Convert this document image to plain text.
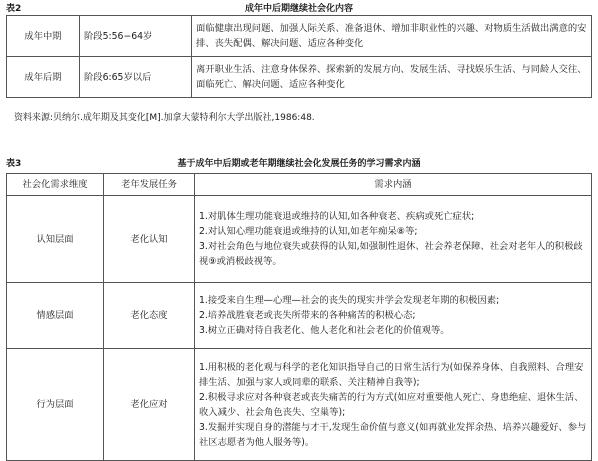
表2	成年中后期继续社会化内容
成年中期	阶段5:56−64岁	面临健康出现问题、加强人际关系、准备退休、增加非职业性的兴趣、对物质生活做出满意的安排、丧失配偶、解决问题、适应各种变化
成年后期	阶段6:65岁以后	离开职业生活、注意身体保养、探索新的发展方向、发展生活、寻找娱乐生活、与同龄人交往、面临死亡、解决问题、适应各种变化
资料来源:贝纳尔.成年期及其变化[M].加拿大蒙特利尔大学出版社,1986:48.
表3	基于成年中后期或老年期继续社会化发展任务的学习需求内涵
社会化需求维度	老年发展任务	需求内涵
认知层面	老化认知	1.对肌体生理功能衰退或维持的认知,如各种衰老、疾病或死亡症状;
2.对认知心理功能衰退或维持的认知,如老年痴呆⑧等;
3.对社会角色与地位衰失或获得的认知,如强制性退休、社会养老保障、社会对老年人的积极歧视⑨或消极歧视等。

情感层面	老化态度	1.接受来自生理—心理—社会的丧失的现实并学会发现老年期的积极因素;
2.培养战胜衰老或丧失所带来的各种痛苦的积极心态;
3.树立正确对待自我老化、他人老化和社会老化的价值观等。

行为层面	老化应对	1.用积极的老化观与科学的老化知识指导自己的日常生活行为(如保养身体、自我照料、合理安排生活、加强与家人或同辈的联系、关注精神自我等);
2.积极寻求应对各种衰老或丧失痛苦的行为方式(如应对重要他人死亡、身患绝症、退休生活、收入减少、社会角色丧失、空巢等);
3.发掘并实现自身的潜能与才干,发现生命价值与意义(如再就业发挥余热、培养兴趣爱好、参与社区志愿者为他人服务等)。
